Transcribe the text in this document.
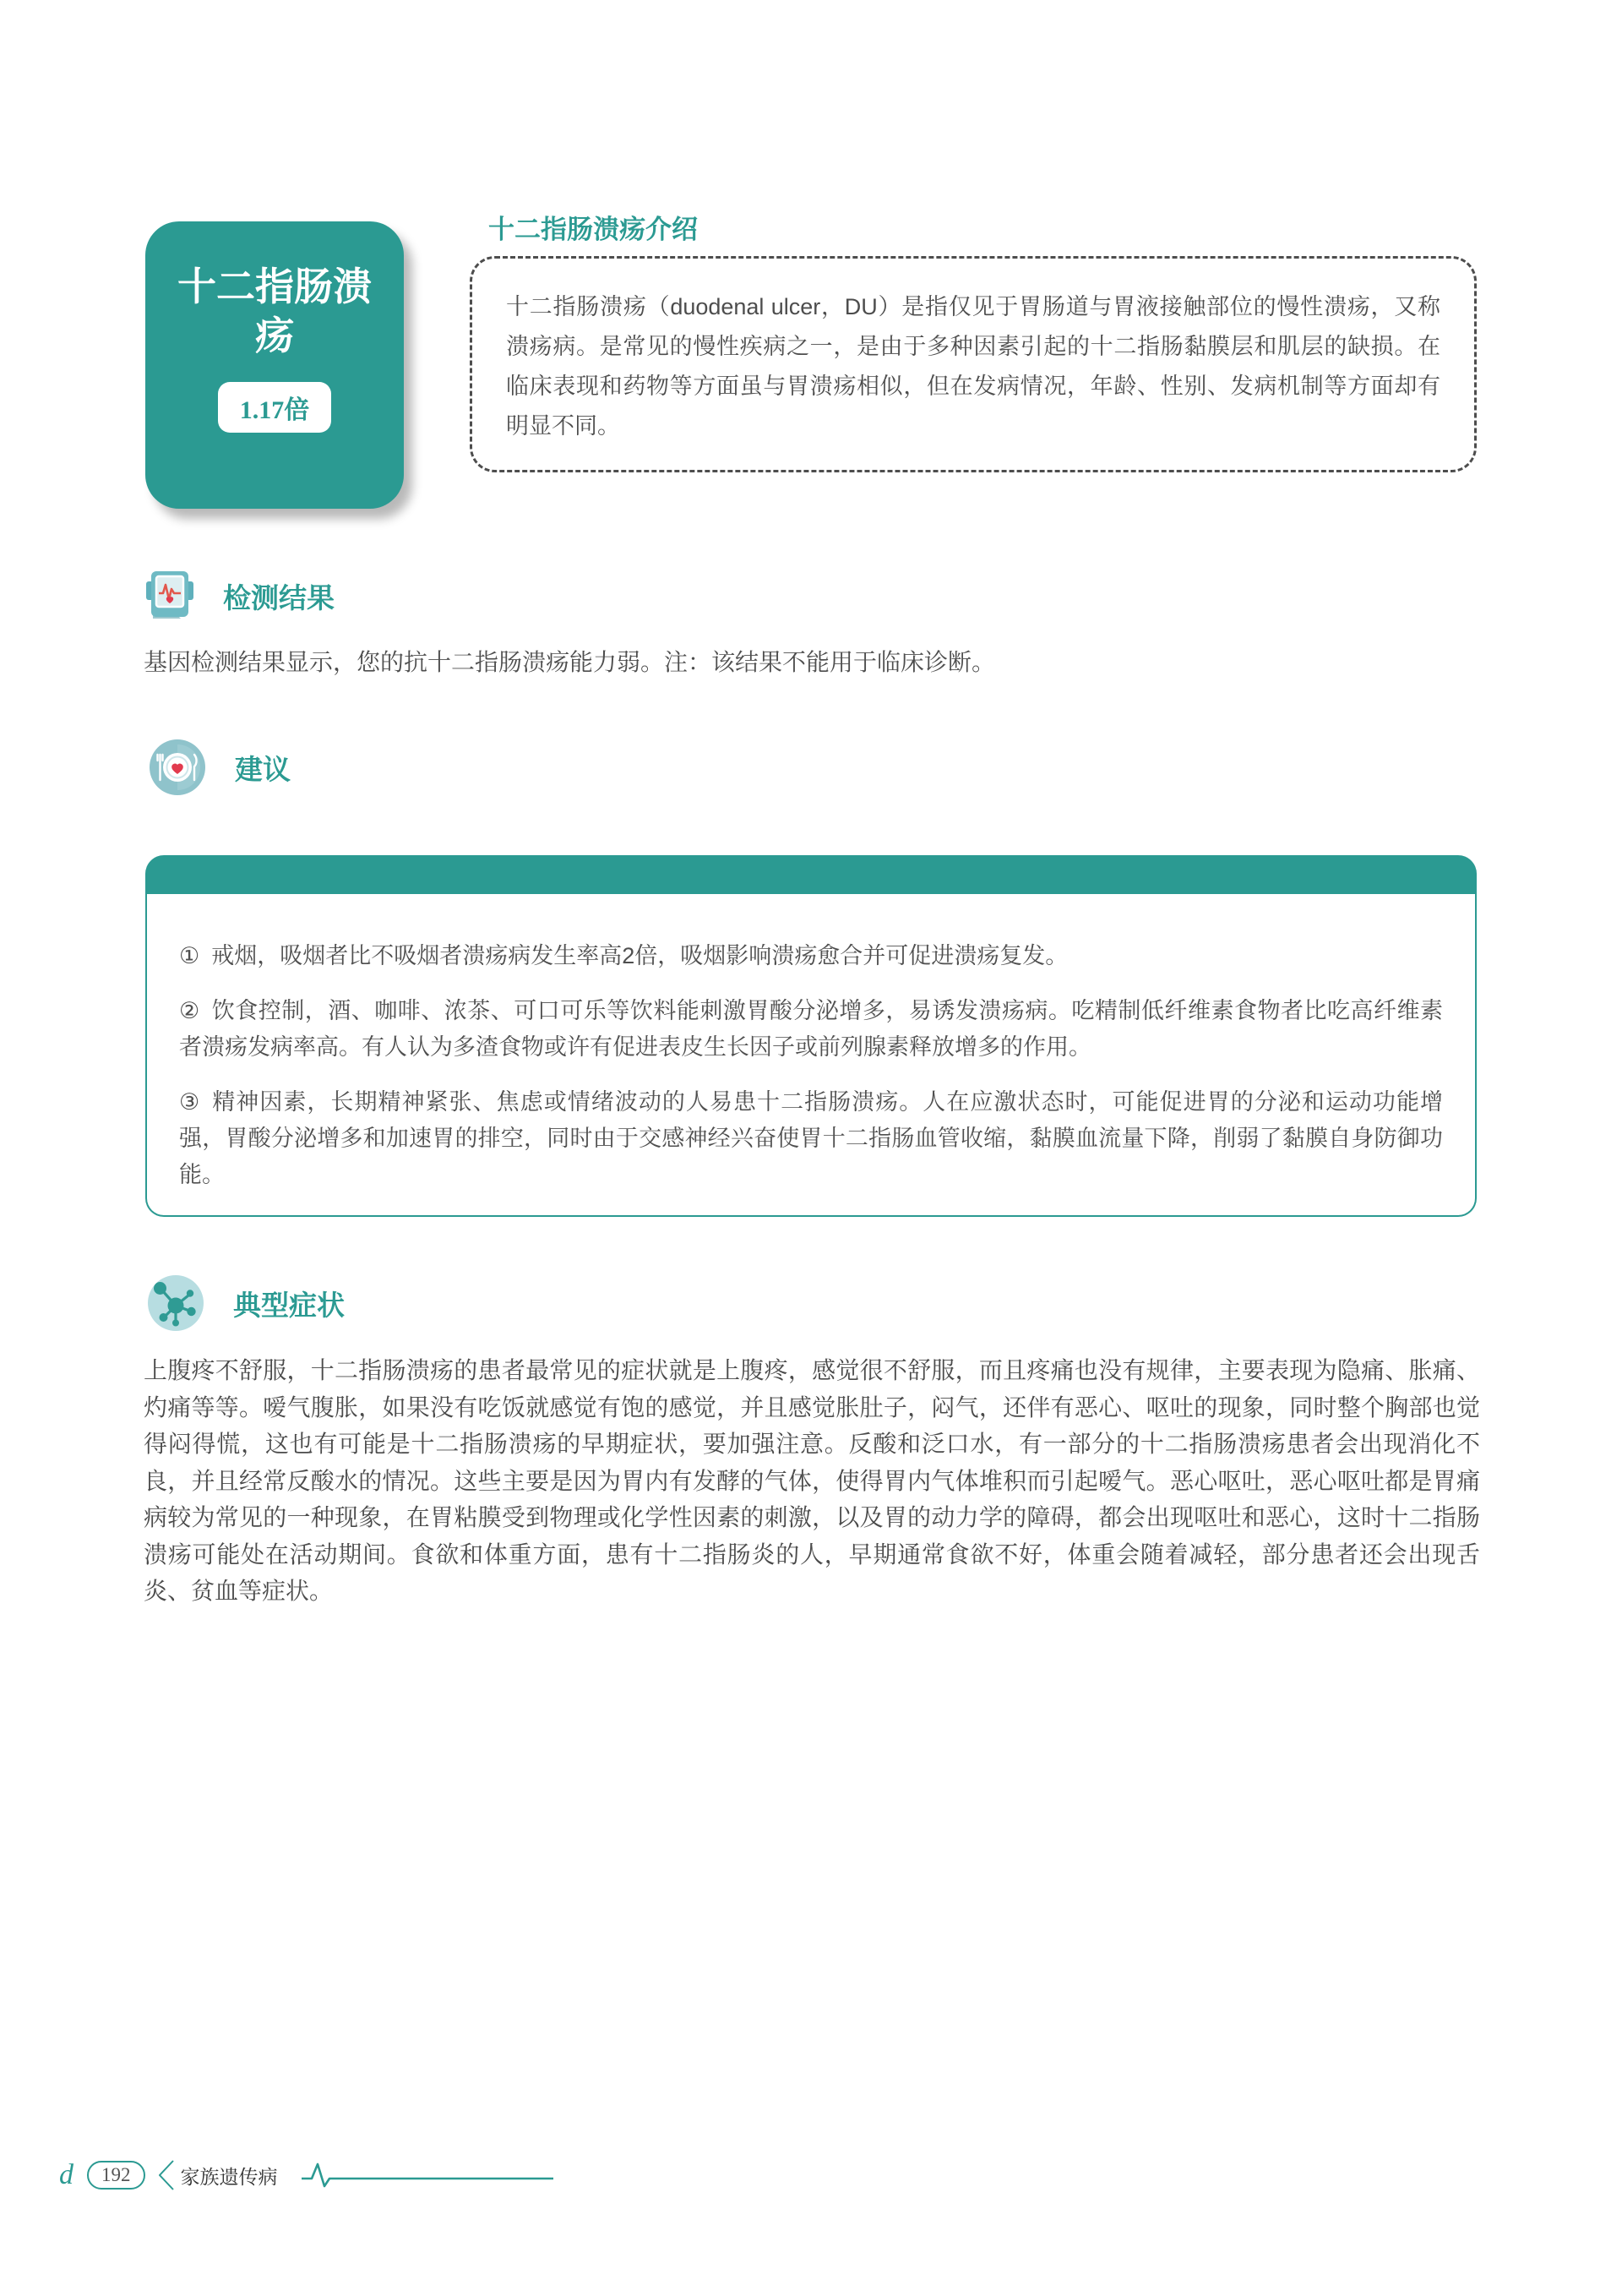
十二指肠溃疡
1.17倍
十二指肠溃疡介绍

十二指肠溃疡（duodenal ulcer，DU）是指仅见于胃肠道与胃液接触部位的慢性溃疡，又称溃疡病。是常见的慢性疾病之一，是由于多种因素引起的十二指肠黏膜层和肌层的缺损。在临床表现和药物等方面虽与胃溃疡相似，但在发病情况，年龄、性别、发病机制等方面却有明显不同。

检测结果

基因检测结果显示，您的抗十二指肠溃疡能力弱。注：该结果不能用于临床诊断。

建议

① 戒烟，吸烟者比不吸烟者溃疡病发生率高2倍，吸烟影响溃疡愈合并可促进溃疡复发。

② 饮食控制，酒、咖啡、浓茶、可口可乐等饮料能刺激胃酸分泌增多，易诱发溃疡病。吃精制低纤维素食物者比吃高纤维素者溃疡发病率高。有人认为多渣食物或许有促进表皮生长因子或前列腺素释放增多的作用。

③ 精神因素，长期精神紧张、焦虑或情绪波动的人易患十二指肠溃疡。人在应激状态时，可能促进胃的分泌和运动功能增强，胃酸分泌增多和加速胃的排空，同时由于交感神经兴奋使胃十二指肠血管收缩，黏膜血流量下降，削弱了黏膜自身防御功能。

典型症状

上腹疼不舒服，十二指肠溃疡的患者最常见的症状就是上腹疼，感觉很不舒服，而且疼痛也没有规律，主要表现为隐痛、胀痛、灼痛等等。嗳气腹胀，如果没有吃饭就感觉有饱的感觉，并且感觉胀肚子，闷气，还伴有恶心、呕吐的现象，同时整个胸部也觉得闷得慌，这也有可能是十二指肠溃疡的早期症状，要加强注意。反酸和泛口水，有一部分的十二指肠溃疡患者会出现消化不良，并且经常反酸水的情况。这些主要是因为胃内有发酵的气体，使得胃内气体堆积而引起嗳气。恶心呕吐，恶心呕吐都是胃痛病较为常见的一种现象，在胃粘膜受到物理或化学性因素的刺激，以及胃的动力学的障碍，都会出现呕吐和恶心，这时十二指肠溃疡可能处在活动期间。食欲和体重方面，患有十二指肠炎的人，早期通常食欲不好，体重会随着减轻，部分患者还会出现舌炎、贫血等症状。

d	192	家族遗传病
